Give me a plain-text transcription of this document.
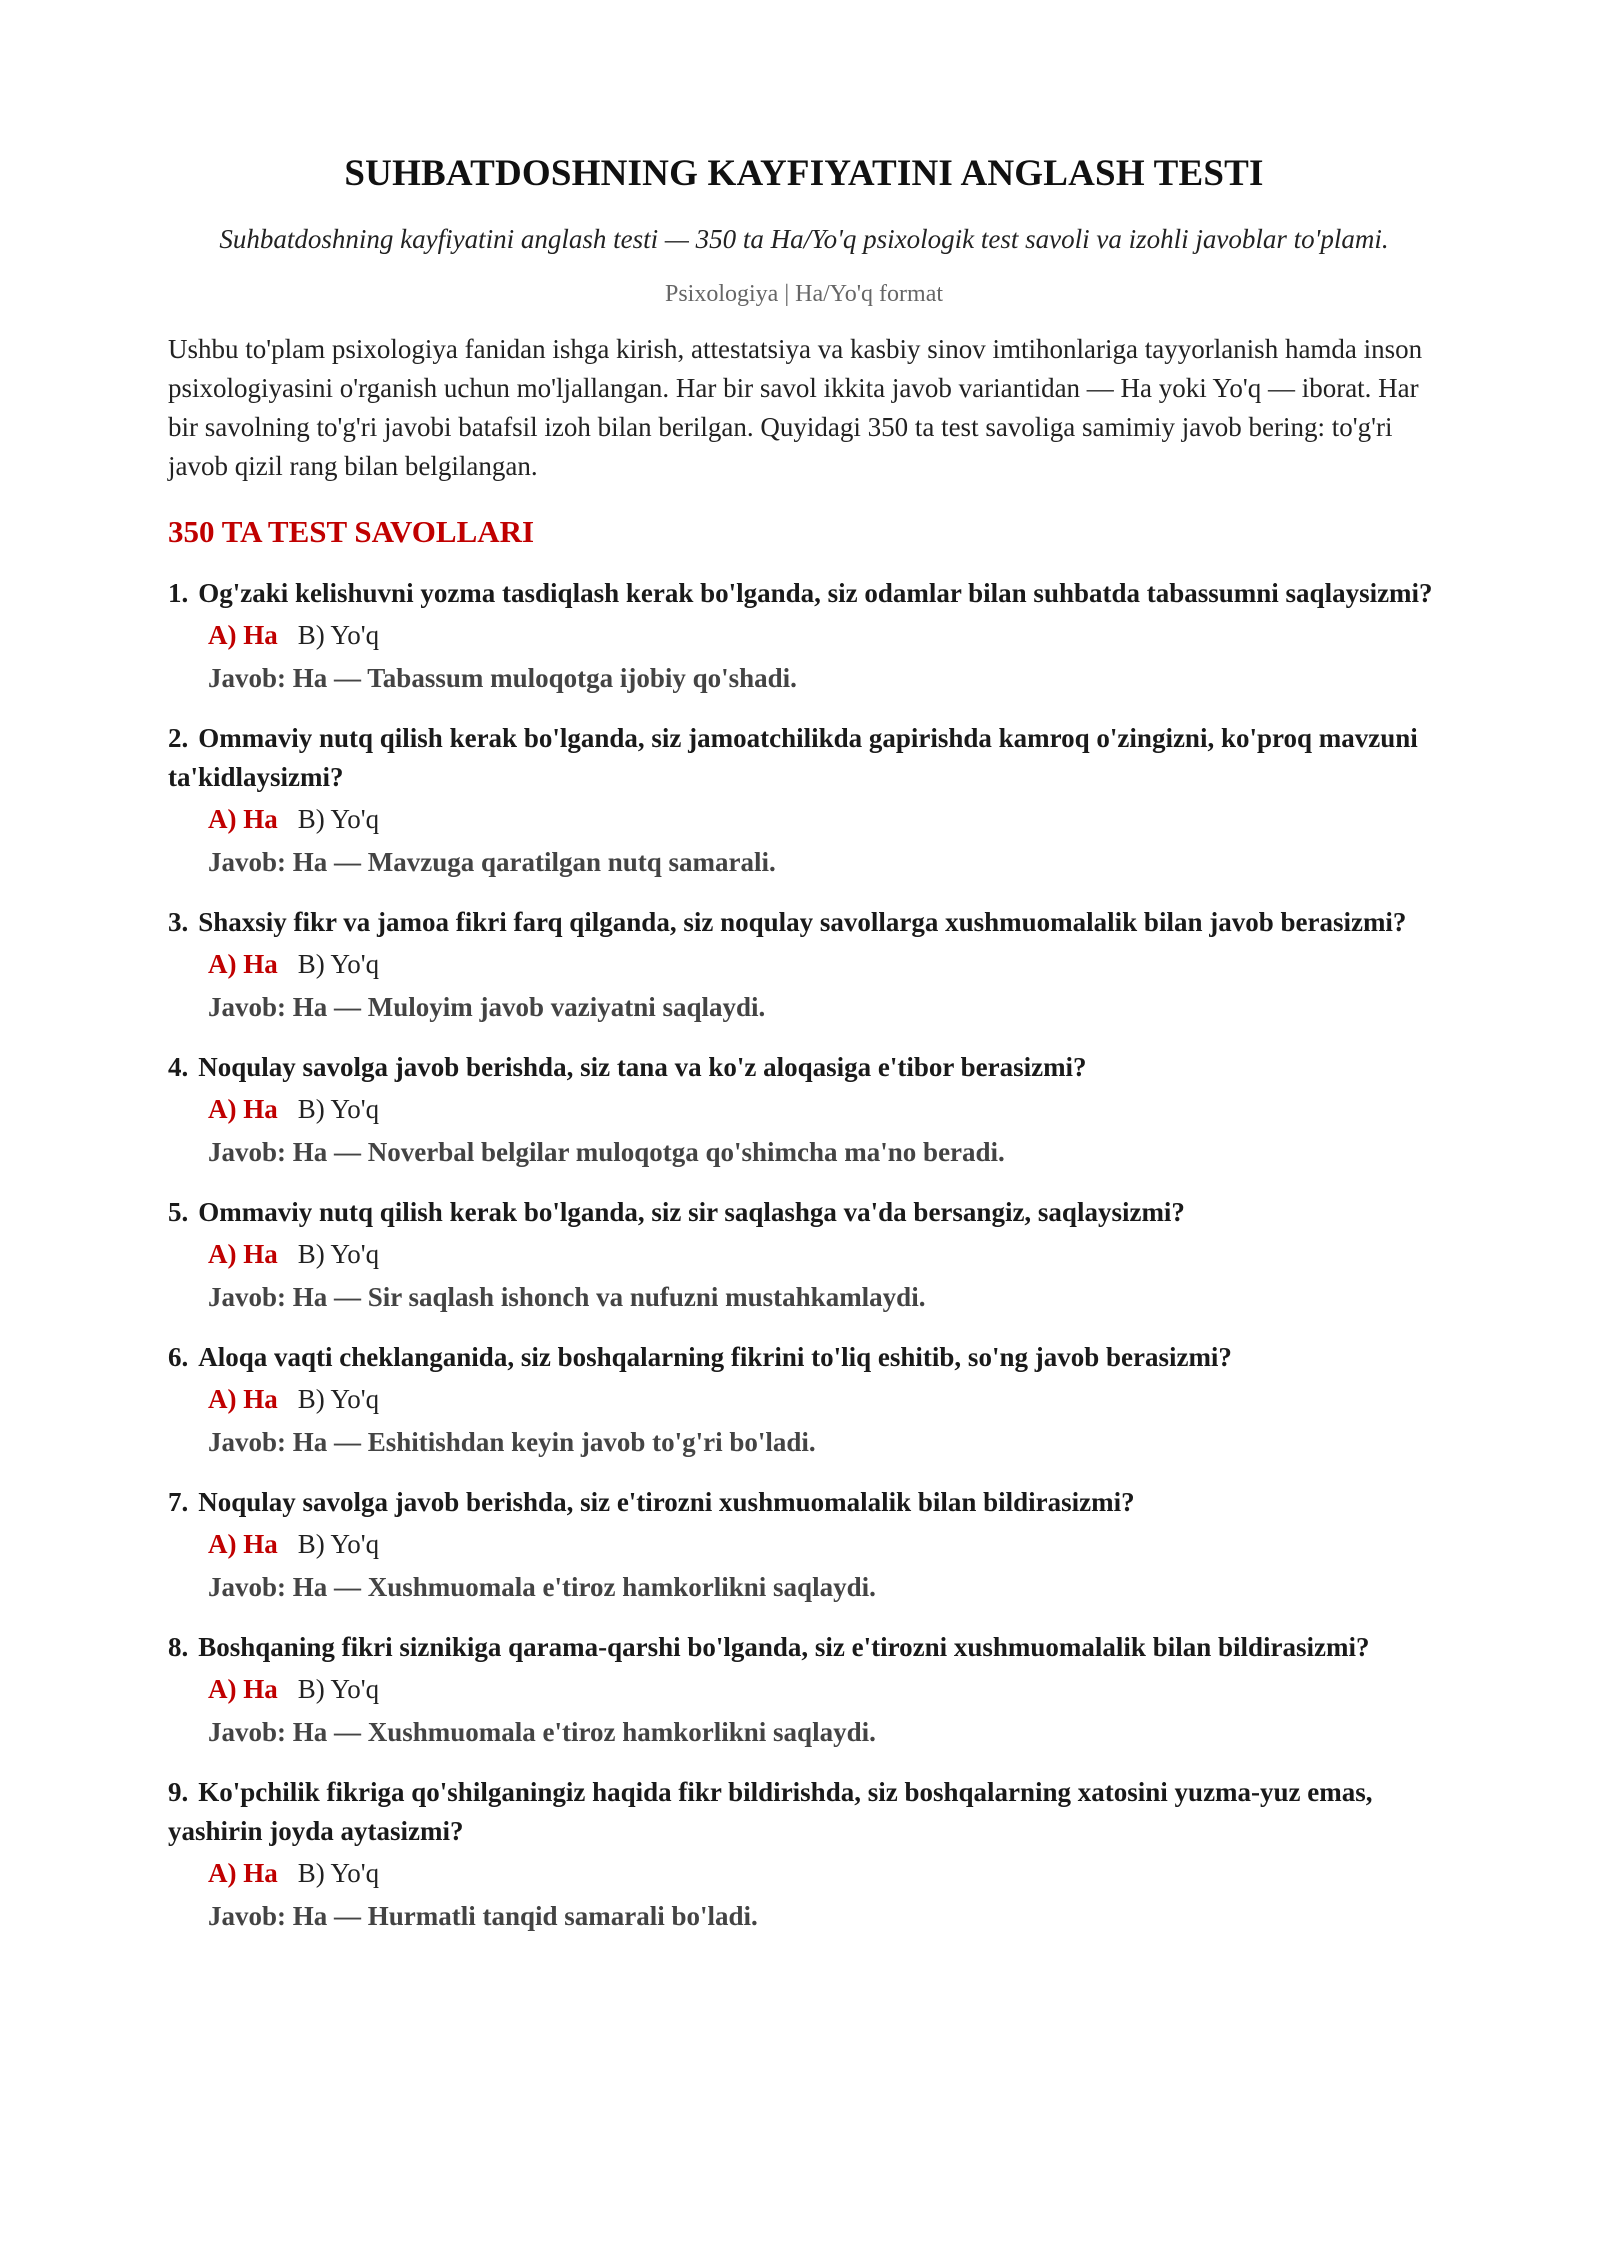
SUHBATDOSHNING KAYFIYATINI ANGLASH TESTI
Suhbatdoshning kayfiyatini anglash testi — 350 ta Ha/Yo'q psixologik test savoli va izohli javoblar to'plami.
Psixologiya | Ha/Yo'q format
Ushbu to'plam psixologiya fanidan ishga kirish, attestatsiya va kasbiy sinov imtihonlariga tayyorlanish hamda inson psixologiyasini o'rganish uchun mo'ljallangan. Har bir savol ikkita javob variantidan — Ha yoki Yo'q — iborat. Har bir savolning to'g'ri javobi batafsil izoh bilan berilgan. Quyidagi 350 ta test savoliga samimiy javob bering: to'g'ri javob qizil rang bilan belgilangan.
350 TA TEST SAVOLLARI
1. Og'zaki kelishuvni yozma tasdiqlash kerak bo'lganda, siz odamlar bilan suhbatda tabassumni saqlaysizmi?
A) Ha B) Yo'q
Javob: Ha — Tabassum muloqotga ijobiy qo'shadi.
2. Ommaviy nutq qilish kerak bo'lganda, siz jamoatchilikda gapirishda kamroq o'zingizni, ko'proq mavzuni ta'kidlaysizmi?
A) Ha B) Yo'q
Javob: Ha — Mavzuga qaratilgan nutq samarali.
3. Shaxsiy fikr va jamoa fikri farq qilganda, siz noqulay savollarga xushmuomalalik bilan javob berasizmi?
A) Ha B) Yo'q
Javob: Ha — Muloyim javob vaziyatni saqlaydi.
4. Noqulay savolga javob berishda, siz tana va ko'z aloqasiga e'tibor berasizmi?
A) Ha B) Yo'q
Javob: Ha — Noverbal belgilar muloqotga qo'shimcha ma'no beradi.
5. Ommaviy nutq qilish kerak bo'lganda, siz sir saqlashga va'da bersangiz, saqlaysizmi?
A) Ha B) Yo'q
Javob: Ha — Sir saqlash ishonch va nufuzni mustahkamlaydi.
6. Aloqa vaqti cheklanganida, siz boshqalarning fikrini to'liq eshitib, so'ng javob berasizmi?
A) Ha B) Yo'q
Javob: Ha — Eshitishdan keyin javob to'g'ri bo'ladi.
7. Noqulay savolga javob berishda, siz e'tirozni xushmuomalalik bilan bildirasizmi?
A) Ha B) Yo'q
Javob: Ha — Xushmuomala e'tiroz hamkorlikni saqlaydi.
8. Boshqaning fikri siznikiga qarama-qarshi bo'lganda, siz e'tirozni xushmuomalalik bilan bildirasizmi?
A) Ha B) Yo'q
Javob: Ha — Xushmuomala e'tiroz hamkorlikni saqlaydi.
9. Ko'pchilik fikriga qo'shilganingiz haqida fikr bildirishda, siz boshqalarning xatosini yuzma-yuz emas, yashirin joyda aytasizmi?
A) Ha B) Yo'q
Javob: Ha — Hurmatli tanqid samarali bo'ladi.
